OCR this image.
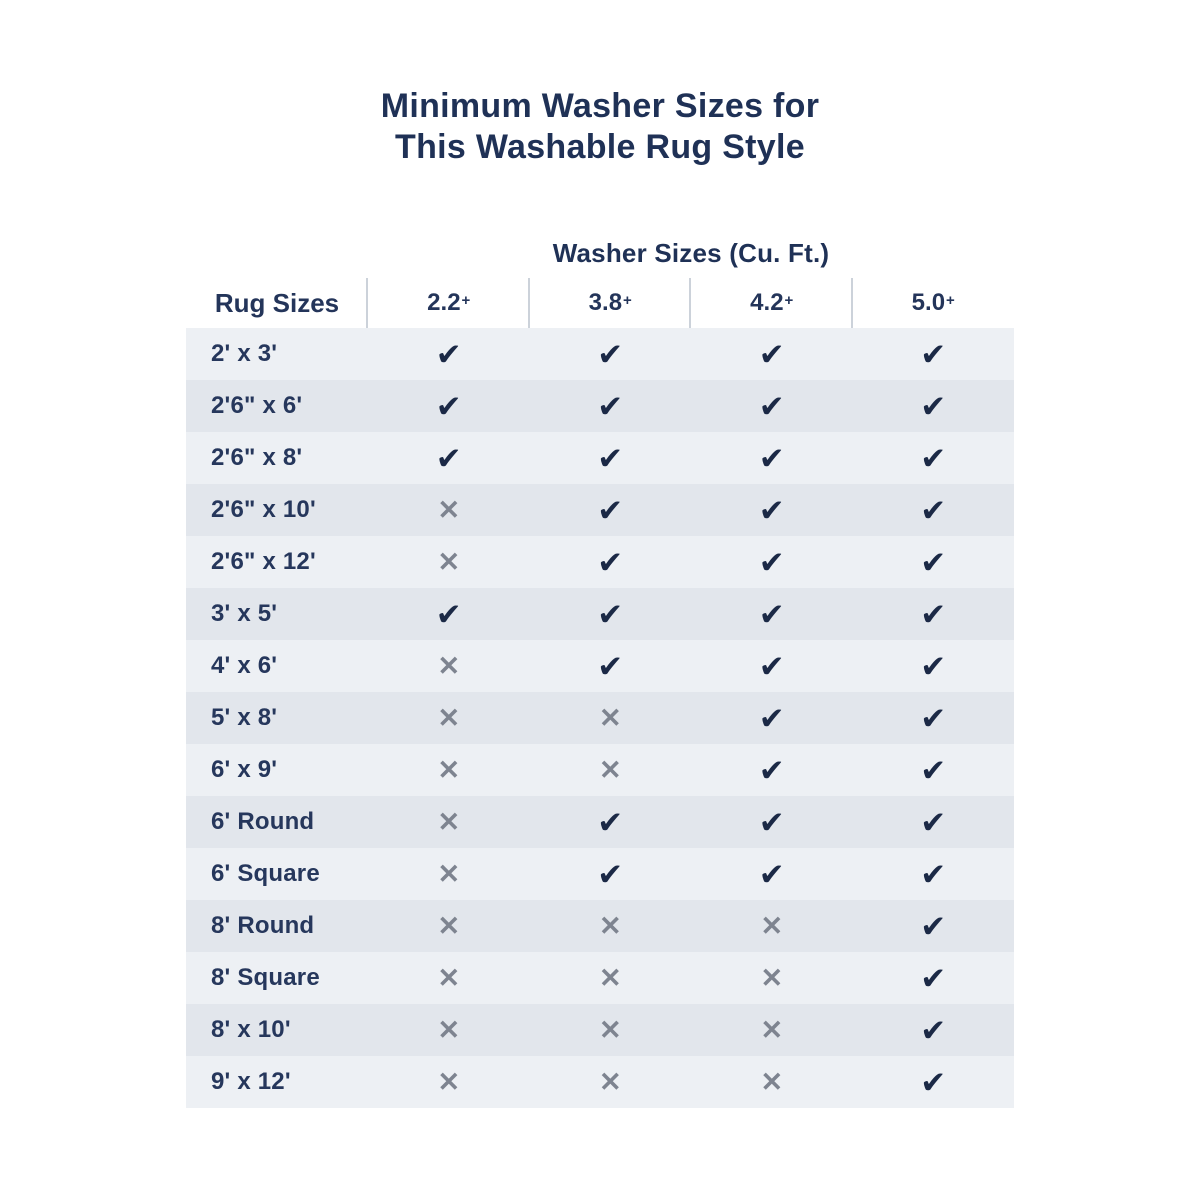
Minimum Washer Sizes for
This Washable Rug Style
Washer Sizes (Cu. Ft.)
Rug Sizes	2.2+	3.8+	4.2+	5.0+
2' x 3'	✔	✔	✔	✔
2'6" x 6'	✔	✔	✔	✔
2'6" x 8'	✔	✔	✔	✔
2'6" x 10'	✕	✔	✔	✔
2'6" x 12'	✕	✔	✔	✔
3' x 5'	✔	✔	✔	✔
4' x 6'	✕	✔	✔	✔
5' x 8'	✕	✕	✔	✔
6' x 9'	✕	✕	✔	✔
6' Round	✕	✔	✔	✔
6' Square	✕	✔	✔	✔
8' Round	✕	✕	✕	✔
8' Square	✕	✕	✕	✔
8' x 10'	✕	✕	✕	✔
9' x 12'	✕	✕	✕	✔
